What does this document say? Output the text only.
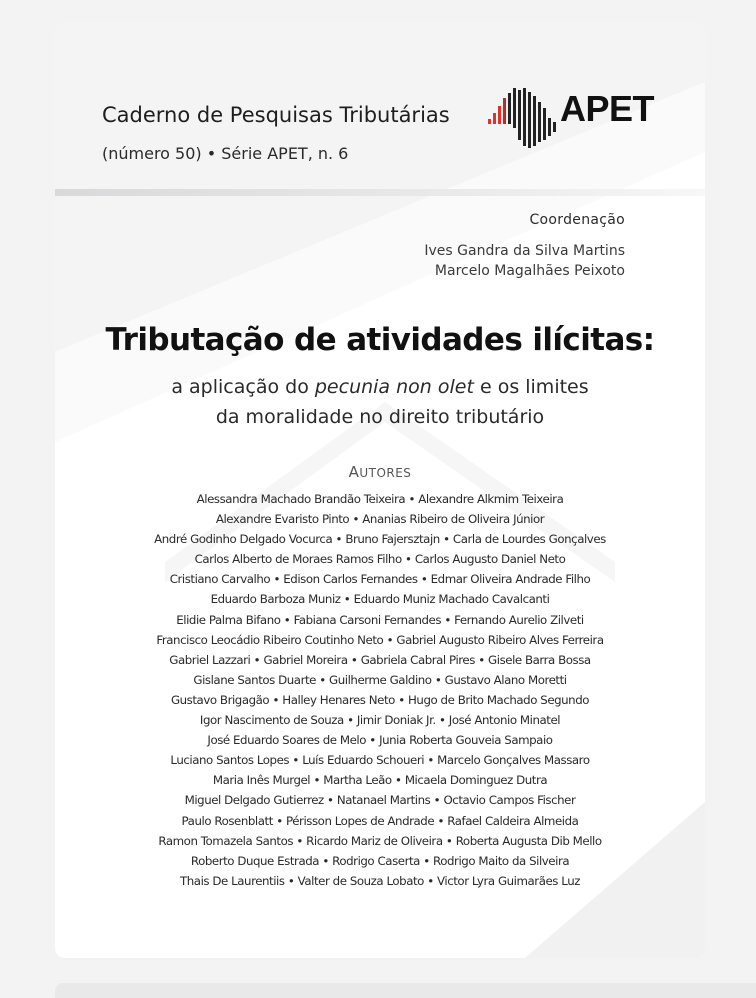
Caderno de Pesquisas Tributárias
(número 50) • Série APET, n. 6
APET
Coordenação
Ives Gandra da Silva Martins
Marcelo Magalhães Peixoto
Tributação de atividades ilícitas:
a aplicação do pecunia non olet e os limites
da moralidade no direito tributário
AUTORES
Alessandra Machado Brandão Teixeira • Alexandre Alkmim Teixeira
Alexandre Evaristo Pinto • Ananias Ribeiro de Oliveira Júnior
André Godinho Delgado Vocurca • Bruno Fajersztajn • Carla de Lourdes Gonçalves
Carlos Alberto de Moraes Ramos Filho • Carlos Augusto Daniel Neto
Cristiano Carvalho • Edison Carlos Fernandes • Edmar Oliveira Andrade Filho
Eduardo Barboza Muniz • Eduardo Muniz Machado Cavalcanti
Elidie Palma Bifano • Fabiana Carsoni Fernandes • Fernando Aurelio Zilveti
Francisco Leocádio Ribeiro Coutinho Neto • Gabriel Augusto Ribeiro Alves Ferreira
Gabriel Lazzari • Gabriel Moreira • Gabriela Cabral Pires • Gisele Barra Bossa
Gislane Santos Duarte • Guilherme Galdino • Gustavo Alano Moretti
Gustavo Brigagão • Halley Henares Neto • Hugo de Brito Machado Segundo
Igor Nascimento de Souza • Jimir Doniak Jr. • José Antonio Minatel
José Eduardo Soares de Melo • Junia Roberta Gouveia Sampaio
Luciano Santos Lopes • Luís Eduardo Schoueri • Marcelo Gonçalves Massaro
Maria Inês Murgel • Martha Leão • Micaela Dominguez Dutra
Miguel Delgado Gutierrez • Natanael Martins • Octavio Campos Fischer
Paulo Rosenblatt • Périsson Lopes de Andrade • Rafael Caldeira Almeida
Ramon Tomazela Santos • Ricardo Mariz de Oliveira • Roberta Augusta Dib Mello
Roberto Duque Estrada • Rodrigo Caserta • Rodrigo Maito da Silveira
Thais De Laurentiis • Valter de Souza Lobato • Victor Lyra Guimarães Luz
